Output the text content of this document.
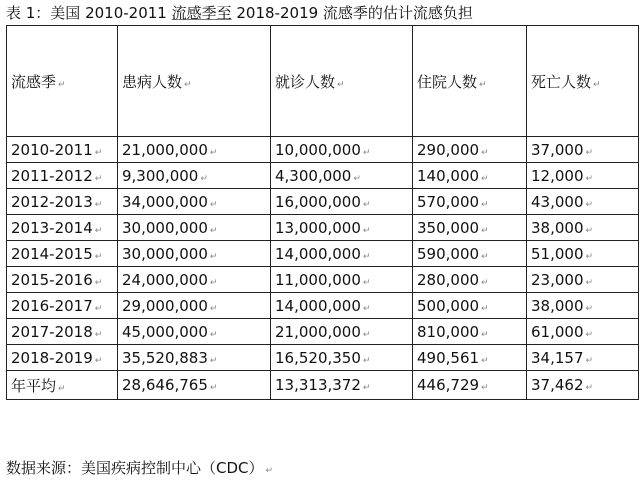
表 1：美国 2010-2011 流感季至 2018-2019 流感季的估计流感负担
流感季 ↵	患病人数 ↵	就诊人数 ↵	住院人数 ↵	死亡人数 ↵
2010-2011 ↵	21,000,000 ↵	10,000,000 ↵	290,000 ↵	37,000 ↵
2011-2012 ↵	9,300,000 ↵	4,300,000 ↵	140,000 ↵	12,000 ↵
2012-2013 ↵	34,000,000 ↵	16,000,000 ↵	570,000 ↵	43,000 ↵
2013-2014 ↵	30,000,000 ↵	13,000,000 ↵	350,000 ↵	38,000 ↵
2014-2015 ↵	30,000,000 ↵	14,000,000 ↵	590,000 ↵	51,000 ↵
2015-2016 ↵	24,000,000 ↵	11,000,000 ↵	280,000 ↵	23,000 ↵
2016-2017 ↵	29,000,000 ↵	14,000,000 ↵	500,000 ↵	38,000 ↵
2017-2018 ↵	45,000,000 ↵	21,000,000 ↵	810,000 ↵	61,000 ↵
2018-2019 ↵	35,520,883 ↵	16,520,350 ↵	490,561 ↵	34,157 ↵
年平均 ↵	28,646,765 ↵	13,313,372 ↵	446,729 ↵	37,462 ↵
数据来源：美国疾病控制中心（CDC） ↵
